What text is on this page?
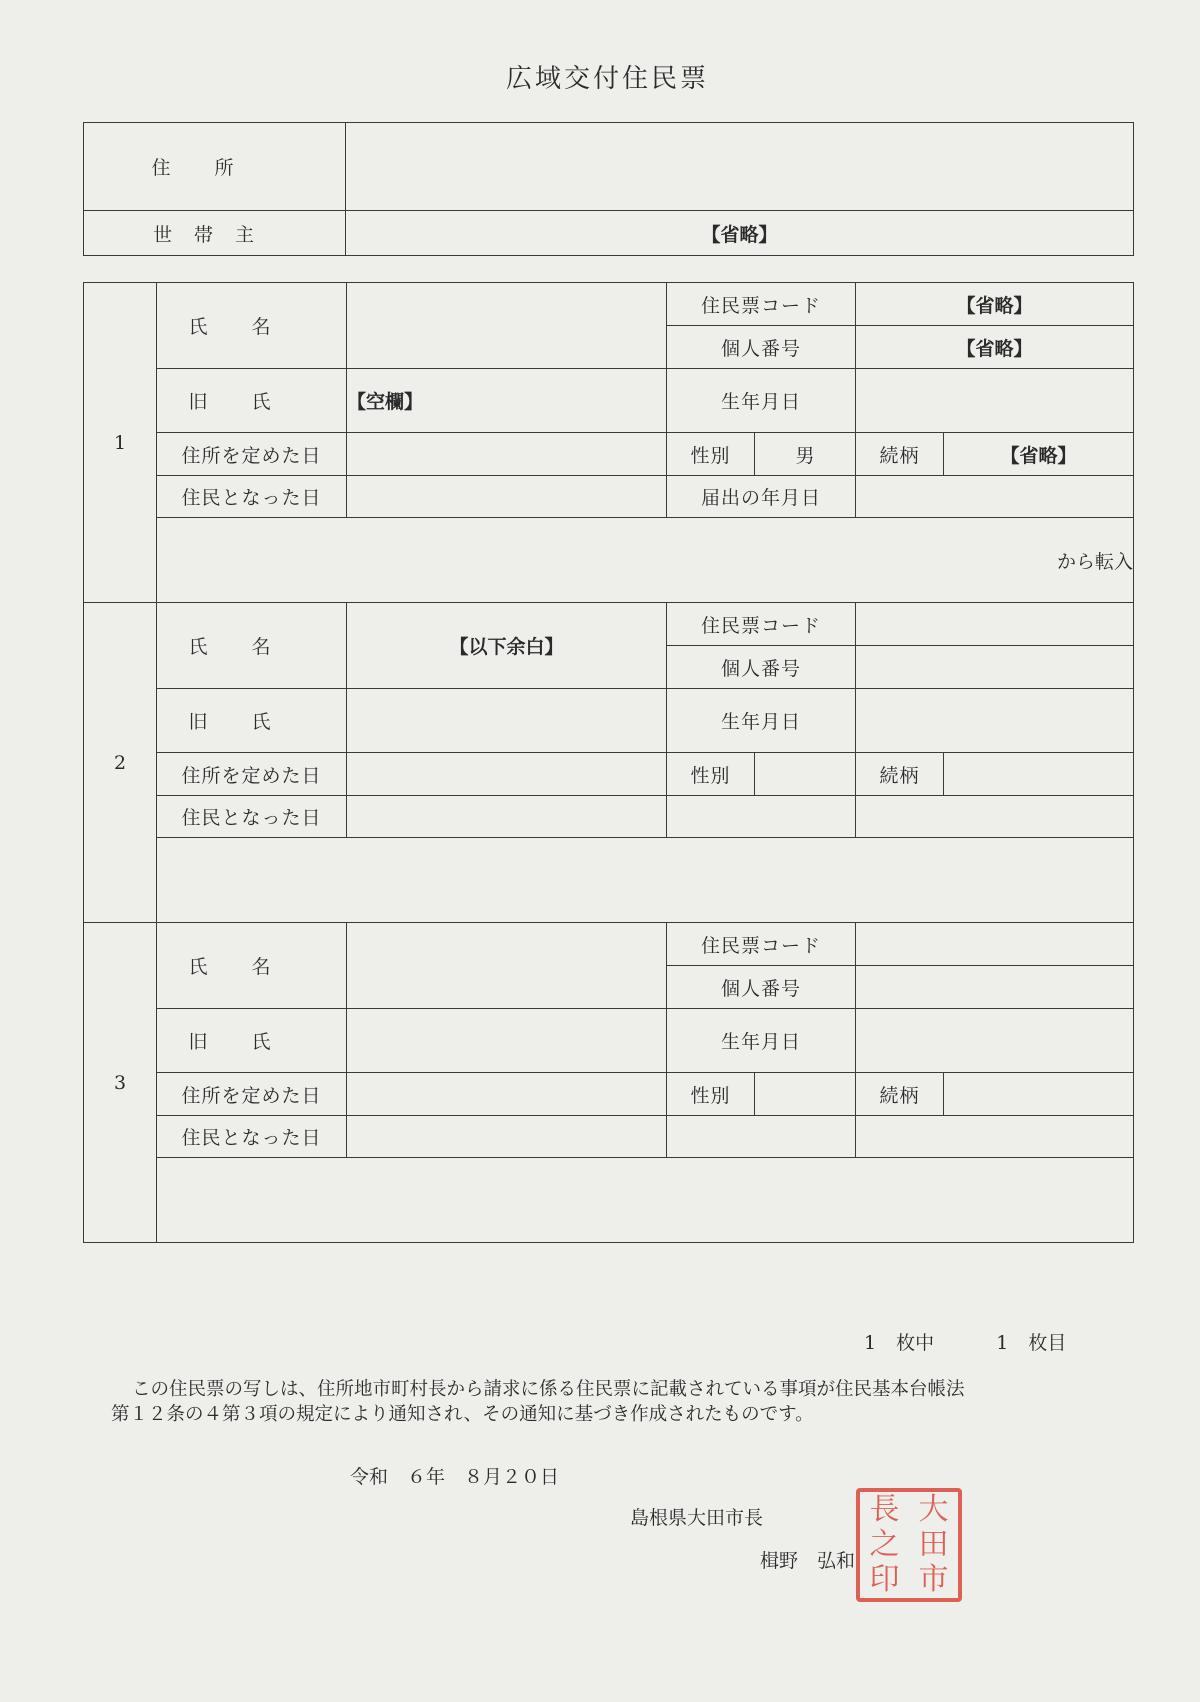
広域交付住民票
住所	
世帯主	【省略】
1	氏名		住民票コード		【省略】	
			個人番号		【省略】	
	旧氏	【空欄】	生年月日			
	住所を定めた日		性別	男	続柄	【省略】
	住民となった日		届出の年月日			
	から転入					
2	氏名	【以下余白】	住民票コード			
			個人番号			
	旧氏		生年月日			
	住所を定めた日		性別		続柄	
	住民となった日					

3	氏名		住民票コード			
			個人番号			
	旧氏		生年月日			
	住所を定めた日		性別		続柄	
	住民となった日					

1 枚中	1 枚目
この住民票の写しは、住所地市町村長から請求に係る住民票に記載されている事項が住民基本台帳法
第１２条の４第３項の規定により通知され、その通知に基づき作成されたものです。
令和　６年　８月２０日
島根県大田市長
楫野　弘和
長 大
之 田
印 市
